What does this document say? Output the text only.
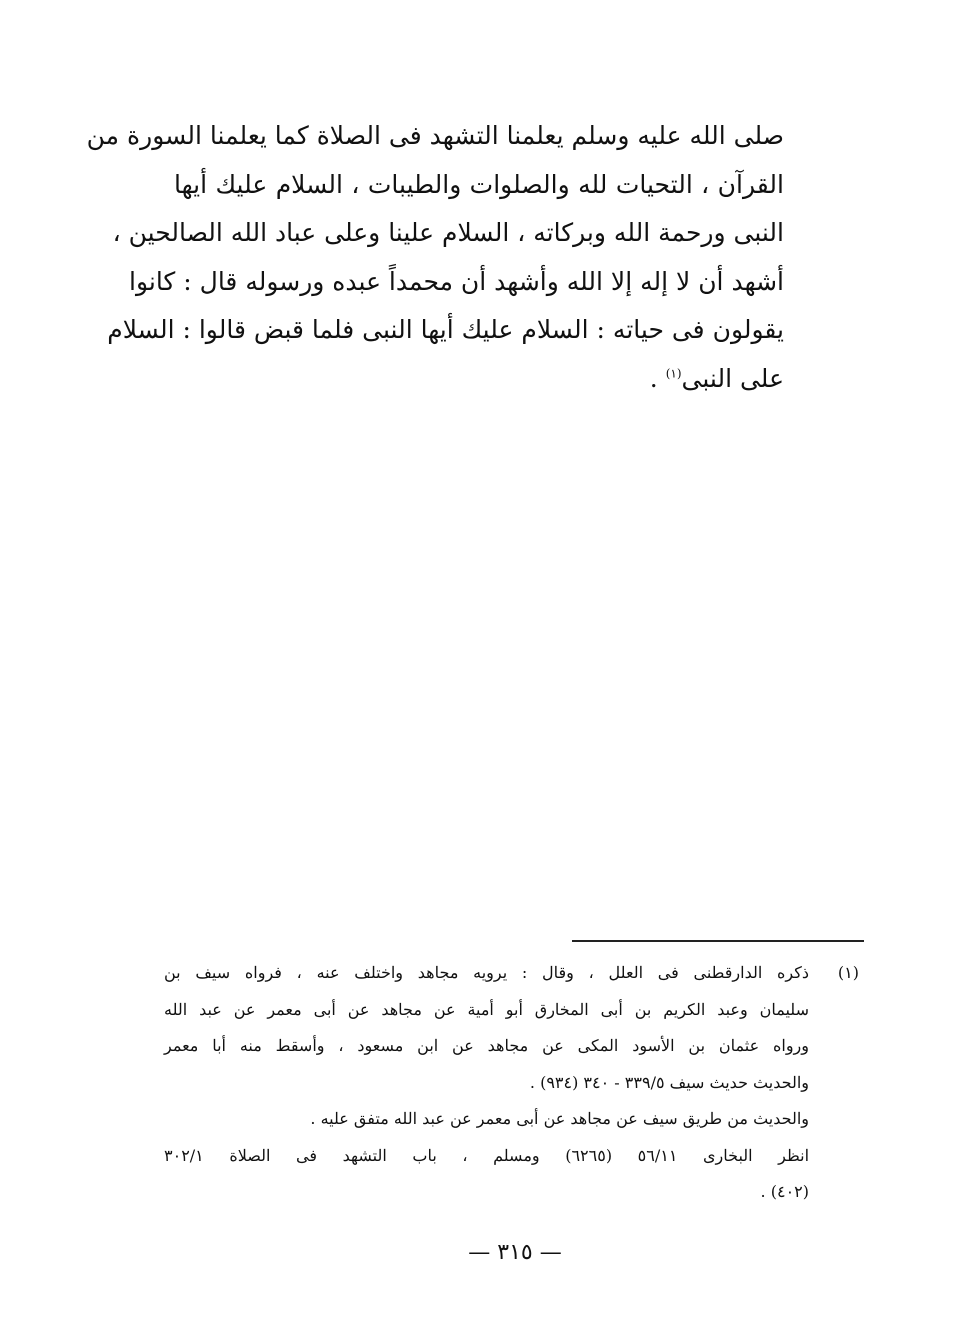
صلى الله عليه وسلم يعلمنا التشهد فى الصلاة كما يعلمنا السورة من
القرآن ، التحيات لله والصلوات والطيبات ، السلام عليك أيها
النبى ورحمة الله وبركاته ، السلام علينا وعلى عباد الله الصالحين ،
أشهد أن لا إله إلا الله وأشهد أن محمداً عبده ورسوله قال : كانوا
يقولون فى حياته : السلام عليك أيها النبى فلما قبض قالوا : السلام
على النبى$^{(١)}$ .
(١)
ذكره الدارقطنى فى العلل ، وقال : يرويه مجاهد واختلف عنه ، فرواه سيف بن
سليمان وعبد الكريم بن أبى المخارق أبو أمية عن مجاهد عن أبى معمر عن عبد الله
ورواه عثمان بن الأسود المكى عن مجاهد عن ابن مسعود ، وأسقط منه أبا معمر
والحديث حديث سيف ٣٣٩/٥ - ٣٤٠ (٩٣٤) .
والحديث من طريق سيف عن مجاهد عن أبى معمر عن عبد الله متفق عليه .
انظر البخارى ٥٦/١١ (٦٢٦٥) ومسلم ، باب التشهد فى الصلاة ٣٠٢/١
(٤٠٢) .
— ٣١٥ —
